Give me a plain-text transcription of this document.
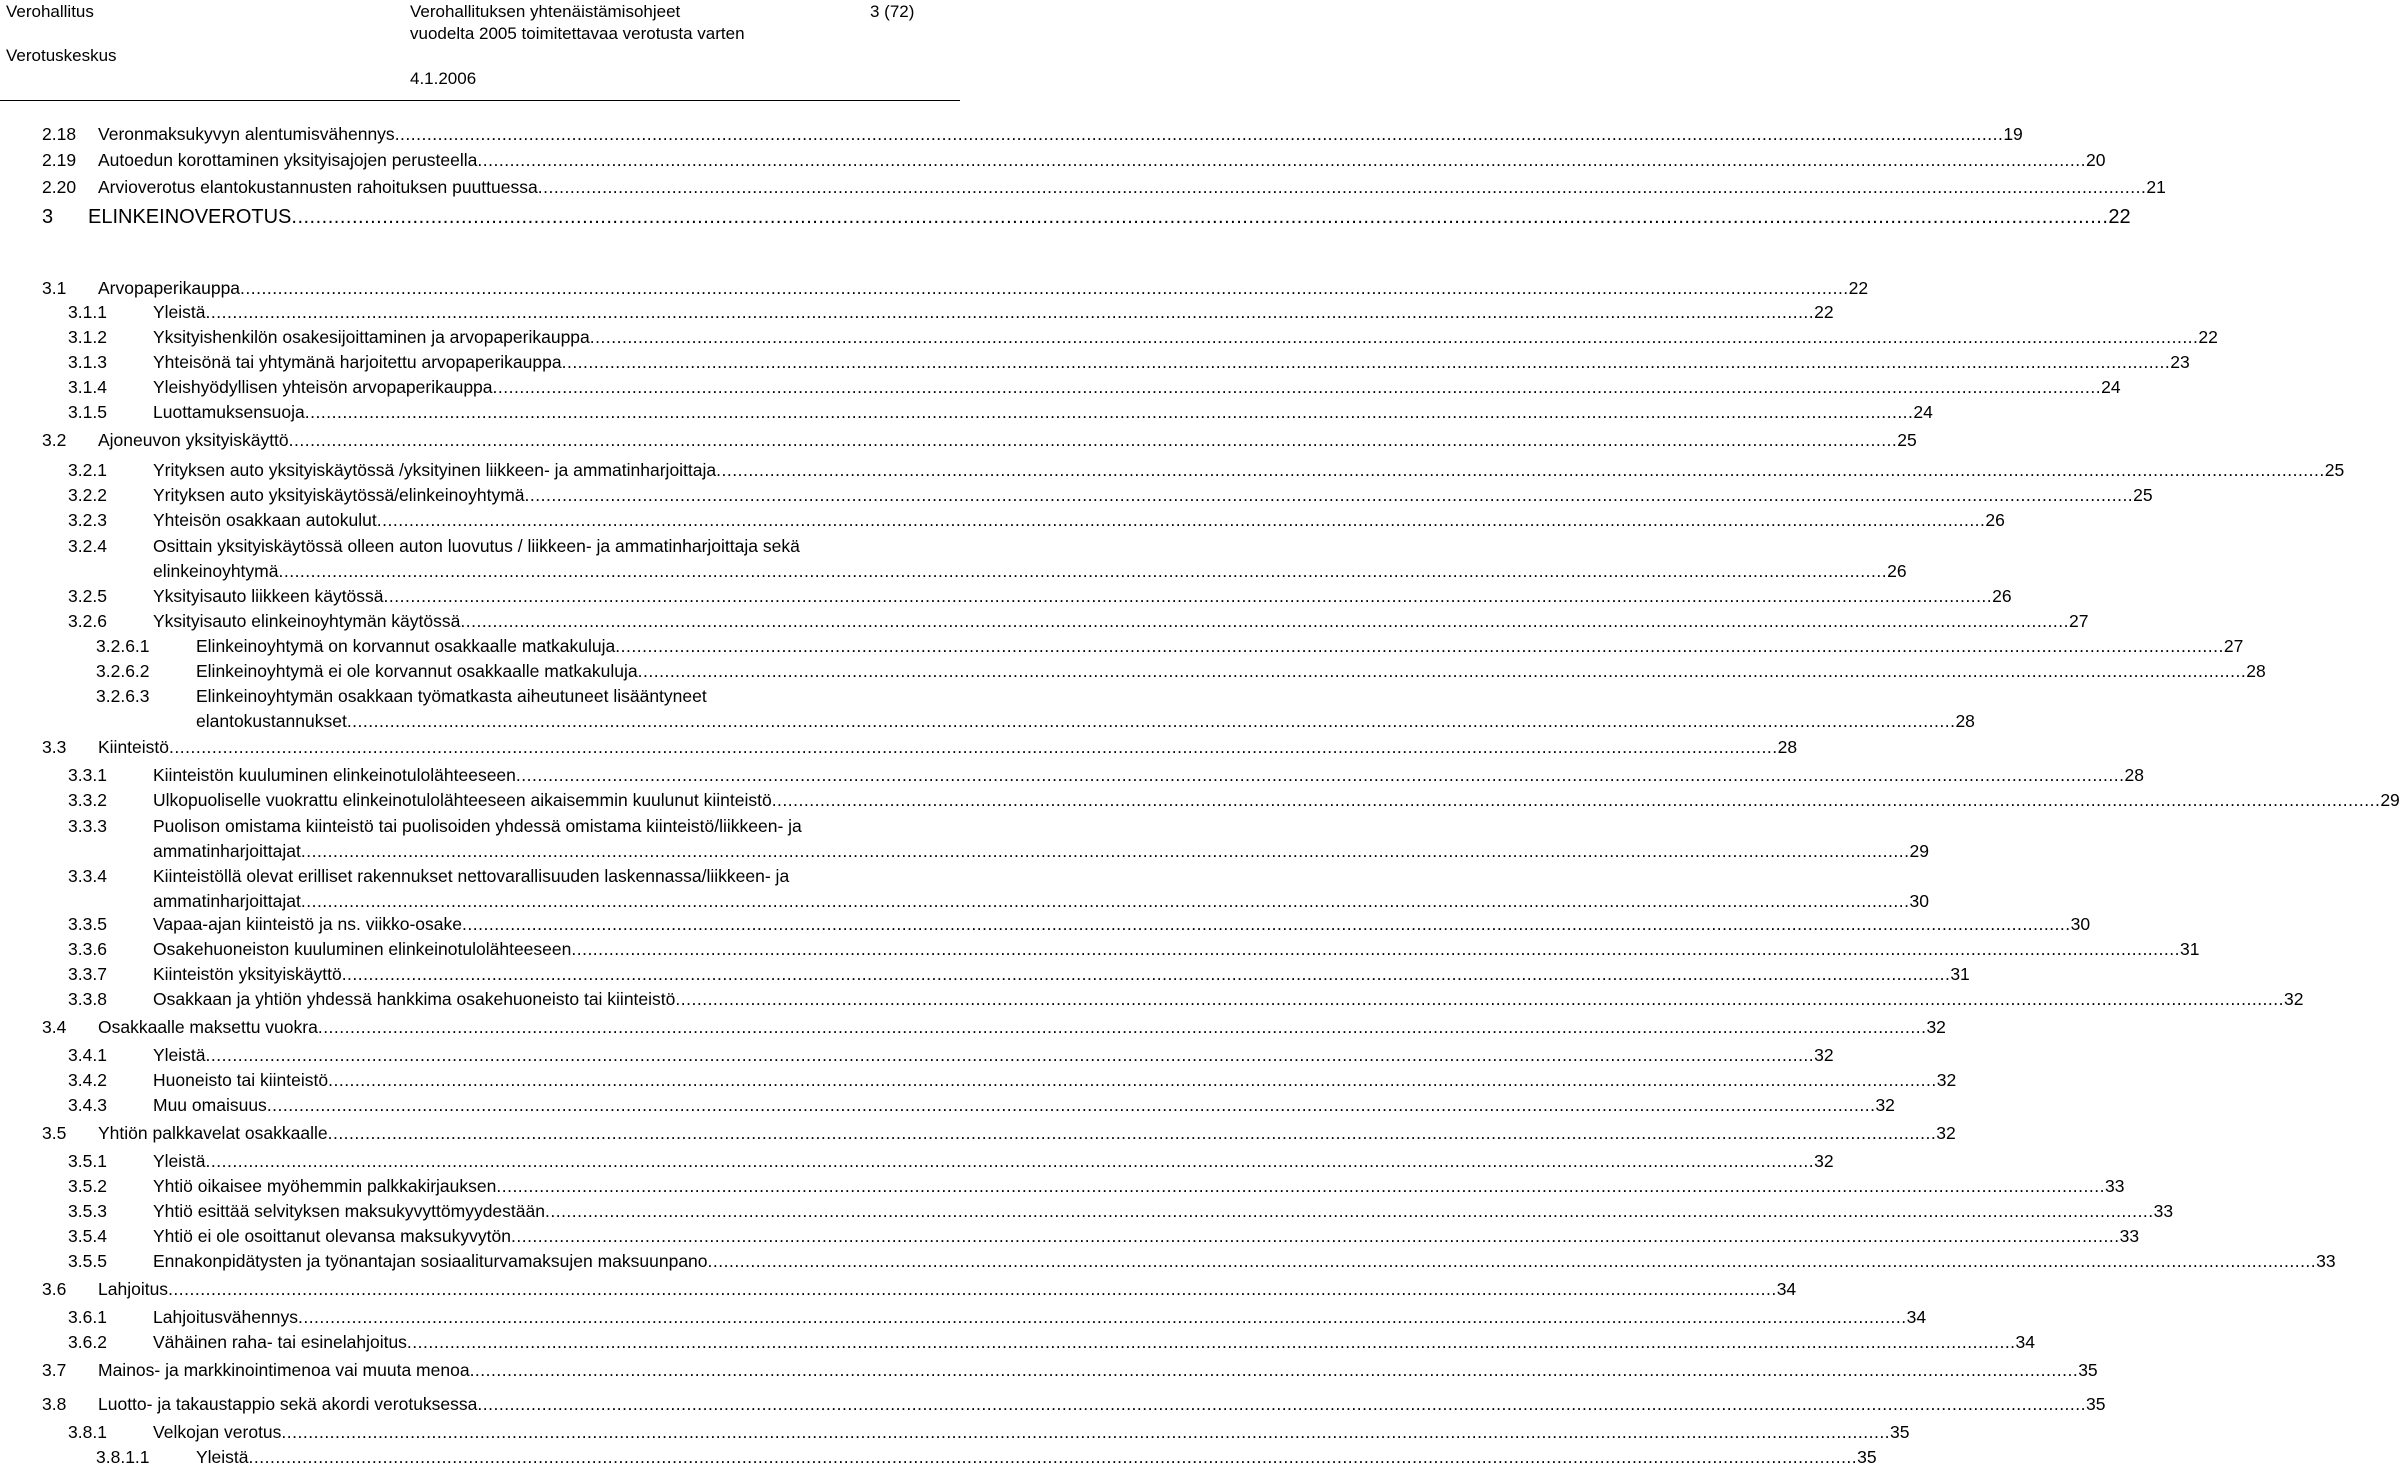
Verohallitus
Verotuskeskus
Verohallituksen yhtenäistämisohjeet
vuodelta 2005 toimitettavaa verotusta varten
4.1.2006
3 (72)
2.18 Veronmaksukyvyn alentumisvähennys ............................................................................................................................................................................................................................................................................................................ 19
2.19 Autoedun korottaminen yksityisajojen perusteella ............................................................................................................................................................................................................................................................................................................ 20
2.20 Arvioverotus elantokustannusten rahoituksen puuttuessa ............................................................................................................................................................................................................................................................................................................ 21
3 ELINKEINOVEROTUS ............................................................................................................................................................................................................................................................................................................ 22
3.1 Arvopaperikauppa ............................................................................................................................................................................................................................................................................................................ 22
3.1.1	Yleistä ............................................................................................................................................................................................................................................................................................................ 22
3.1.2	Yksityishenkilön osakesijoittaminen ja arvopaperikauppa ............................................................................................................................................................................................................................................................................................................ 22
3.1.3	Yhteisönä tai yhtymänä harjoitettu arvopaperikauppa ............................................................................................................................................................................................................................................................................................................ 23
3.1.4	Yleishyödyllisen yhteisön arvopaperikauppa ............................................................................................................................................................................................................................................................................................................ 24
3.1.5	Luottamuksensuoja ............................................................................................................................................................................................................................................................................................................ 24
3.2 Ajoneuvon yksityiskäyttö ............................................................................................................................................................................................................................................................................................................ 25
3.2.1	Yrityksen auto yksityiskäytössä /yksityinen liikkeen- ja ammatinharjoittaja ............................................................................................................................................................................................................................................................................................................ 25
3.2.2	Yrityksen auto yksityiskäytössä/elinkeinoyhtymä ............................................................................................................................................................................................................................................................................................................ 25
3.2.3	Yhteisön osakkaan autokulut ............................................................................................................................................................................................................................................................................................................ 26
3.2.4	Osittain yksityiskäytössä olleen auton luovutus / liikkeen- ja ammatinharjoittaja sekä
elinkeinoyhtymä ............................................................................................................................................................................................................................................................................................................ 26
3.2.5	Yksityisauto liikkeen käytössä ............................................................................................................................................................................................................................................................................................................ 26
3.2.6	Yksityisauto elinkeinoyhtymän käytössä ............................................................................................................................................................................................................................................................................................................ 27
3.2.6.1	Elinkeinoyhtymä on korvannut osakkaalle matkakuluja ............................................................................................................................................................................................................................................................................................................ 27
3.2.6.2	Elinkeinoyhtymä ei ole korvannut osakkaalle matkakuluja ............................................................................................................................................................................................................................................................................................................ 28
3.2.6.3	Elinkeinoyhtymän osakkaan työmatkasta aiheutuneet lisääntyneet
elantokustannukset ............................................................................................................................................................................................................................................................................................................ 28
3.3 Kiinteistö ............................................................................................................................................................................................................................................................................................................ 28
3.3.1	Kiinteistön kuuluminen elinkeinotulolähteeseen ............................................................................................................................................................................................................................................................................................................ 28
3.3.2	Ulkopuoliselle vuokrattu elinkeinotulolähteeseen aikaisemmin kuulunut kiinteistö ............................................................................................................................................................................................................................................................................................................ 29
3.3.3	Puolison omistama kiinteistö tai puolisoiden yhdessä omistama kiinteistö/liikkeen- ja
ammatinharjoittajat ............................................................................................................................................................................................................................................................................................................ 29
3.3.4	Kiinteistöllä olevat erilliset rakennukset nettovarallisuuden laskennassa/liikkeen- ja
ammatinharjoittajat ............................................................................................................................................................................................................................................................................................................ 30
3.3.5	Vapaa-ajan kiinteistö ja ns. viikko-osake ............................................................................................................................................................................................................................................................................................................ 30
3.3.6	Osakehuoneiston kuuluminen elinkeinotulolähteeseen ............................................................................................................................................................................................................................................................................................................ 31
3.3.7	Kiinteistön yksityiskäyttö ............................................................................................................................................................................................................................................................................................................ 31
3.3.8	Osakkaan ja yhtiön yhdessä hankkima osakehuoneisto tai kiinteistö ............................................................................................................................................................................................................................................................................................................ 32
3.4 Osakkaalle maksettu vuokra ............................................................................................................................................................................................................................................................................................................ 32
3.4.1	Yleistä ............................................................................................................................................................................................................................................................................................................ 32
3.4.2	Huoneisto tai kiinteistö ............................................................................................................................................................................................................................................................................................................ 32
3.4.3	Muu omaisuus ............................................................................................................................................................................................................................................................................................................ 32
3.5 Yhtiön palkkavelat osakkaalle ............................................................................................................................................................................................................................................................................................................ 32
3.5.1	Yleistä ............................................................................................................................................................................................................................................................................................................ 32
3.5.2	Yhtiö oikaisee myöhemmin palkkakirjauksen ............................................................................................................................................................................................................................................................................................................ 33
3.5.3	Yhtiö esittää selvityksen maksukyvyttömyydestään ............................................................................................................................................................................................................................................................................................................ 33
3.5.4	Yhtiö ei ole osoittanut olevansa maksukyvytön ............................................................................................................................................................................................................................................................................................................ 33
3.5.5	Ennakonpidätysten ja työnantajan sosiaaliturvamaksujen maksuunpano ............................................................................................................................................................................................................................................................................................................ 33
3.6 Lahjoitus ............................................................................................................................................................................................................................................................................................................ 34
3.6.1	Lahjoitusvähennys ............................................................................................................................................................................................................................................................................................................ 34
3.6.2	Vähäinen raha- tai esinelahjoitus ............................................................................................................................................................................................................................................................................................................ 34
3.7 Mainos- ja markkinointimenoa vai muuta menoa ............................................................................................................................................................................................................................................................................................................ 35
3.8 Luotto- ja takaustappio sekä akordi verotuksessa ............................................................................................................................................................................................................................................................................................................ 35
3.8.1	Velkojan verotus ............................................................................................................................................................................................................................................................................................................ 35
3.8.1.1	Yleistä ............................................................................................................................................................................................................................................................................................................ 35
